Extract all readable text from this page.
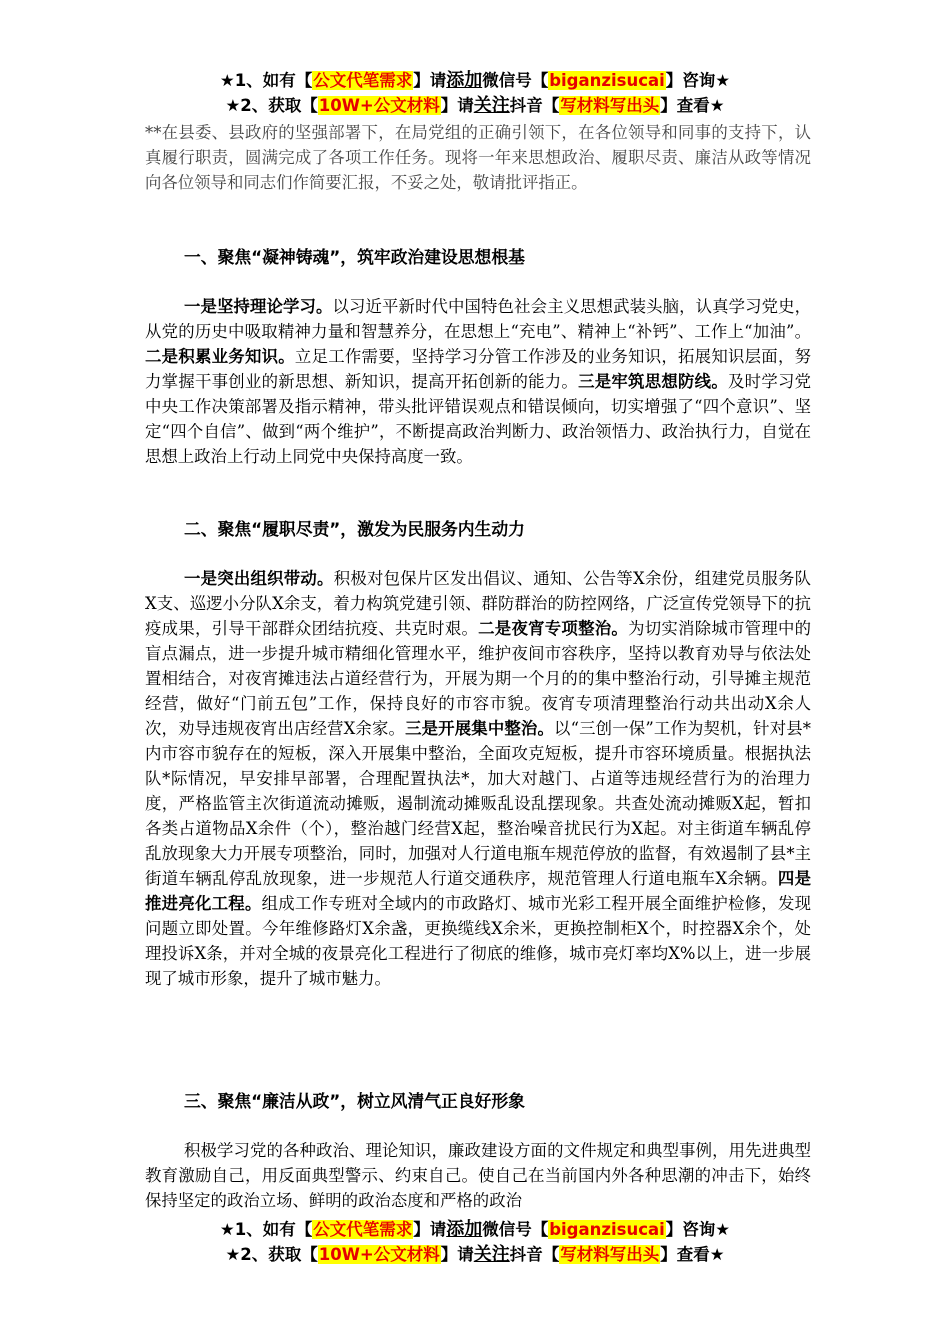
★1、如有【公文代笔需求】请添加微信号【biganzisucai】咨询★
★2、获取【10W+公文材料】请关注抖音【写材料写出头】查看★

**在县委、县政府的坚强部署下，在局党组的正确引领下，在各位领导和同事的支持下，认真履行职责，圆满完成了各项工作任务。现将一年来思想政治、履职尽责、廉洁从政等情况向各位领导和同志们作简要汇报，不妥之处，敬请批评指正。

一、聚焦“凝神铸魂”，筑牢政治建设思想根基

一是坚持理论学习。以习近平新时代中国特色社会主义思想武装头脑，认真学习党史，从党的历史中吸取精神力量和智慧养分，在思想上“充电”、精神上“补钙”、工作上“加油”。二是积累业务知识。立足工作需要，坚持学习分管工作涉及的业务知识，拓展知识层面，努力掌握干事创业的新思想、新知识，提高开拓创新的能力。三是牢筑思想防线。及时学习党中央工作决策部署及指示精神，带头批评错误观点和错误倾向，切实增强了“四个意识”、坚定“四个自信”、做到“两个维护”，不断提高政治判断力、政治领悟力、政治执行力，自觉在思想上政治上行动上同党中央保持高度一致。

二、聚焦“履职尽责”，激发为民服务内生动力

一是突出组织带动。积极对包保片区发出倡议、通知、公告等X余份，组建党员服务队X支、巡逻小分队X余支，着力构筑党建引领、群防群治的防控网络，广泛宣传党领导下的抗疫成果，引导干部群众团结抗疫、共克时艰。二是夜宵专项整治。为切实消除城市管理中的盲点漏点，进一步提升城市精细化管理水平，维护夜间市容秩序，坚持以教育劝导与依法处置相结合，对夜宵摊违法占道经营行为，开展为期一个月的的集中整治行动，引导摊主规范经营，做好“门前五包”工作，保持良好的市容市貌。夜宵专项清理整治行动共出动X余人次，劝导违规夜宵出店经营X余家。三是开展集中整治。以“三创一保”工作为契机，针对县*内市容市貌存在的短板，深入开展集中整治，全面攻克短板，提升市容环境质量。根据执法队*际情况，早安排早部署，合理配置执法*，加大对越门、占道等违规经营行为的治理力度，严格监管主次街道流动摊贩，遏制流动摊贩乱设乱摆现象。共查处流动摊贩X起，暂扣各类占道物品X余件（个），整治越门经营X起，整治噪音扰民行为X起。对主街道车辆乱停乱放现象大力开展专项整治，同时，加强对人行道电瓶车规范停放的监督，有效遏制了县*主街道车辆乱停乱放现象，进一步规范人行道交通秩序，规范管理人行道电瓶车X余辆。四是推进亮化工程。组成工作专班对全域内的市政路灯、城市光彩工程开展全面维护检修，发现问题立即处置。今年维修路灯X余盏，更换缆线X余米，更换控制柜X个，时控器X余个，处理投诉X条，并对全城的夜景亮化工程进行了彻底的维修，城市亮灯率均X%以上，进一步展现了城市形象，提升了城市魅力。

三、聚焦“廉洁从政”，树立风清气正良好形象

积极学习党的各种政治、理论知识，廉政建设方面的文件规定和典型事例，用先进典型教育激励自己，用反面典型警示、约束自己。使自己在当前国内外各种思潮的冲击下，始终保持坚定的政治立场、鲜明的政治态度和严格的政治

★1、如有【公文代笔需求】请添加微信号【biganzisucai】咨询★
★2、获取【10W+公文材料】请关注抖音【写材料写出头】查看★
